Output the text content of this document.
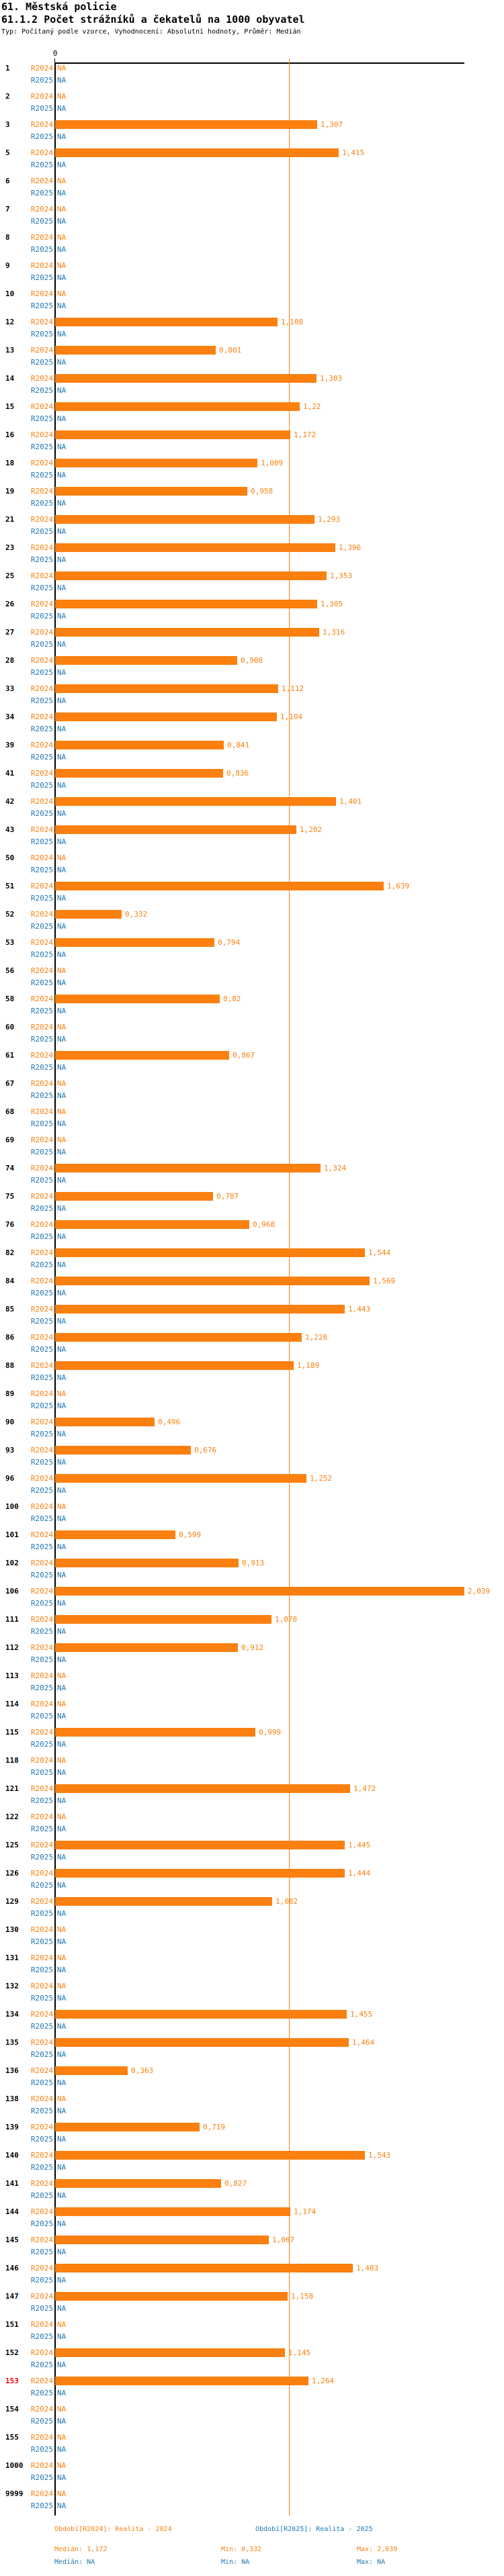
61. Městská policie
61.1.2 Počet strážníků a čekatelů na 1000 obyvatel
Typ: Počítaný podle vzorce, Vyhodnocení: Absolutní hodnoty, Průměr: Medián
0
1	R2024 NA
R2025 NA
2	R2024 NA
R2025 NA
3	R2024	1,307
R2025 NA
5	R2024	1,415
R2025 NA
6	R2024 NA
R2025 NA
7	R2024 NA
R2025 NA
8	R2024 NA
R2025 NA
9	R2024 NA
R2025 NA
10	R2024 NA
R2025 NA
12	R2024	1,108
R2025 NA
13	R2024	0,801
R2025 NA
14	R2024	1,303
R2025 NA
15	R2024	1,22
R2025 NA
16	R2024	1,172
R2025 NA
18	R2024	1,009
R2025 NA
19	R2024	0,958
R2025 NA
21	R2024	1,293
R2025 NA
23	R2024	1,396
R2025 NA
25	R2024	1,353
R2025 NA
26	R2024	1,305
R2025 NA
27	R2024	1,316
R2025 NA
28	R2024	0,908
R2025 NA
33	R2024	1,112
R2025 NA
34	R2024	1,104
R2025 NA
39	R2024	0,841
R2025 NA
41	R2024	0,836
R2025 NA
42	R2024	1,401
R2025 NA
43	R2024	1,202
R2025 NA
50	R2024 NA
R2025 NA
51	R2024	1,639
R2025 NA
52	R2024	0,332
R2025 NA
53	R2024	0,794
R2025 NA
56	R2024 NA
R2025 NA
58	R2024	0,82
R2025 NA
60	R2024 NA
R2025 NA
61	R2024	0,867
R2025 NA
67	R2024 NA
R2025 NA
68	R2024 NA
R2025 NA
69	R2024 NA
R2025 NA
74	R2024	1,324
R2025 NA
75	R2024	0,787
R2025 NA
76	R2024	0,968
R2025 NA
82	R2024	1,544
R2025 NA
84	R2024	1,569
R2025 NA
85	R2024	1,443
R2025 NA
86	R2024	1,228
R2025 NA
88	R2024	1,189
R2025 NA
89	R2024 NA
R2025 NA
90	R2024	0,496
R2025 NA
93	R2024	0,676
R2025 NA
96	R2024	1,252
R2025 NA
100	R2024 NA
R2025 NA
101	R2024	0,599
R2025 NA
102	R2024	0,913
R2025 NA
106	R2024	2,039
R2025 NA
111	R2024	1,078
R2025 NA
112	R2024	0,912
R2025 NA
113	R2024 NA
R2025 NA
114	R2024 NA
R2025 NA
115	R2024	0,999
R2025 NA
118	R2024 NA
R2025 NA
121	R2024	1,472
R2025 NA
122	R2024 NA
R2025 NA
125	R2024	1,445
R2025 NA
126	R2024	1,444
R2025 NA
129	R2024	1,082
R2025 NA
130	R2024 NA
R2025 NA
131	R2024 NA
R2025 NA
132	R2024 NA
R2025 NA
134	R2024	1,455
R2025 NA
135	R2024	1,464
R2025 NA
136	R2024	0,363
R2025 NA
138	R2024 NA
R2025 NA
139	R2024	0,719
R2025 NA
140	R2024	1,543
R2025 NA
141	R2024	0,827
R2025 NA
144	R2024	1,174
R2025 NA
145	R2024	1,067
R2025 NA
146	R2024	1,483
R2025 NA
147	R2024	1,158
R2025 NA
151	R2024 NA
R2025 NA
152	R2024	1,145
R2025 NA
153	R2024	1,264
R2025 NA
154	R2024 NA
R2025 NA
155	R2024 NA
R2025 NA
1000	R2024 NA
R2025 NA
9999	R2024 NA
R2025 NA
Období[R2024]: Realita - 2024	Období[R2025]: Realita - 2025
Medián: 1,172	Min: 0,332	Max: 2,039
Medián: NA	Min: NA	Max: NA
